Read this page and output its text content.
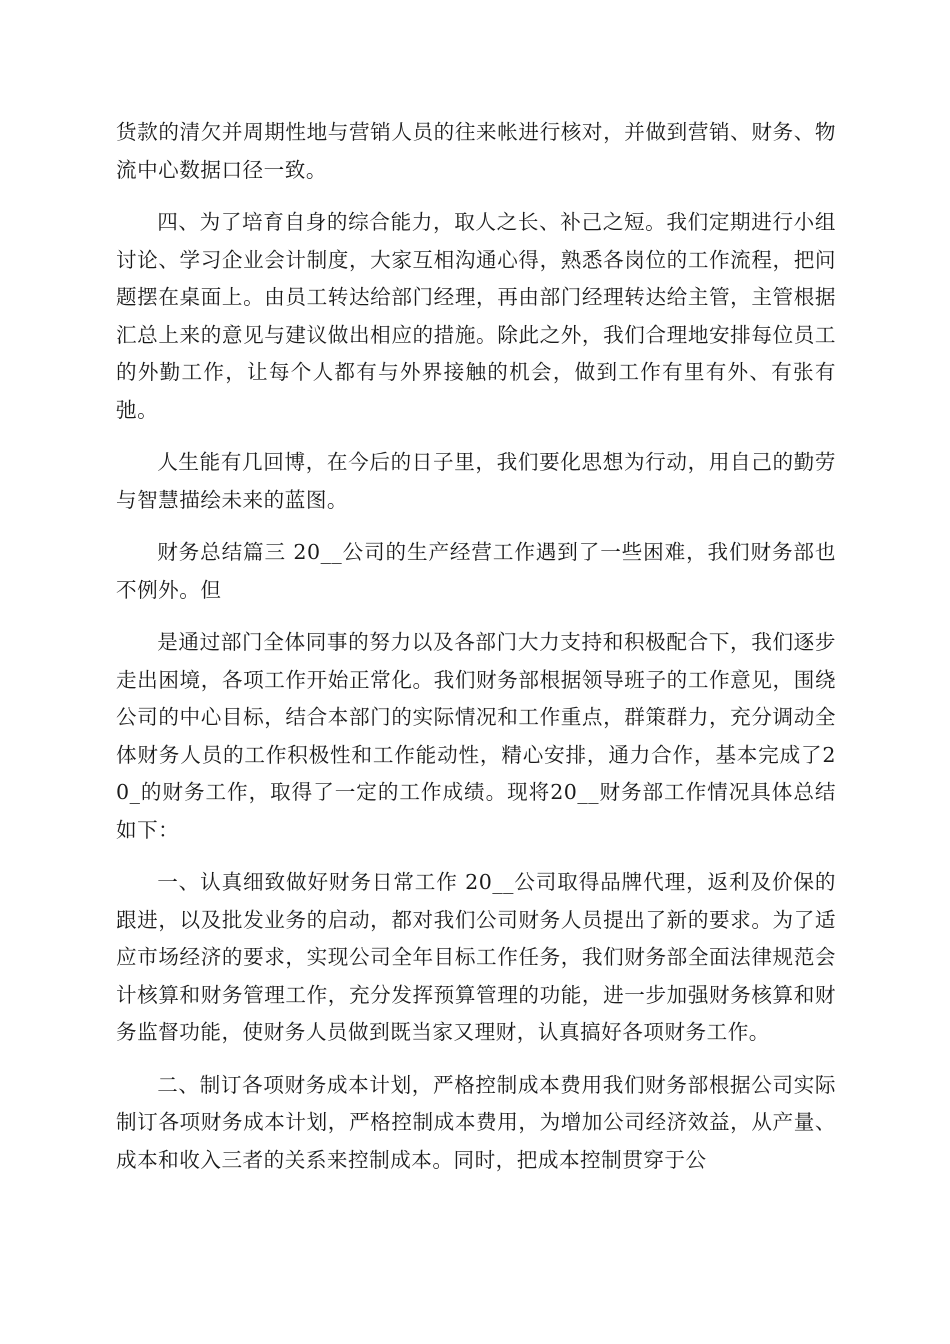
货款的清欠并周期性地与营销人员的往来帐进行核对，并做到营销、财务、物流中心数据口径一致。

四、为了培育自身的综合能力，取人之长、补己之短。我们定期进行小组讨论、学习企业会计制度，大家互相沟通心得，熟悉各岗位的工作流程，把问题摆在桌面上。由员工转达给部门经理，再由部门经理转达给主管，主管根据汇总上来的意见与建议做出相应的措施。除此之外，我们合理地安排每位员工的外勤工作，让每个人都有与外界接触的机会，做到工作有里有外、有张有弛。

人生能有几回博，在今后的日子里，我们要化思想为行动，用自己的勤劳与智慧描绘未来的蓝图。

财务总结篇三 20__公司的生产经营工作遇到了一些困难，我们财务部也不例外。但

是通过部门全体同事的努力以及各部门大力支持和积极配合下，我们逐步走出困境，各项工作开始正常化。我们财务部根据领导班子的工作意见，围绕公司的中心目标，结合本部门的实际情况和工作重点，群策群力，充分调动全体财务人员的工作积极性和工作能动性，精心安排，通力合作，基本完成了20_的财务工作，取得了一定的工作成绩。现将20__财务部工作情况具体总结如下：

一、认真细致做好财务日常工作 20__公司取得品牌代理，返利及价保的跟进，以及批发业务的启动，都对我们公司财务人员提出了新的要求。为了适应市场经济的要求，实现公司全年目标工作任务，我们财务部全面法律规范会计核算和财务管理工作，充分发挥预算管理的功能，进一步加强财务核算和财务监督功能，使财务人员做到既当家又理财，认真搞好各项财务工作。

二、制订各项财务成本计划，严格控制成本费用我们财务部根据公司实际制订各项财务成本计划，严格控制成本费用，为增加公司经济效益，从产量、成本和收入三者的关系来控制成本。同时，把成本控制贯穿于公
